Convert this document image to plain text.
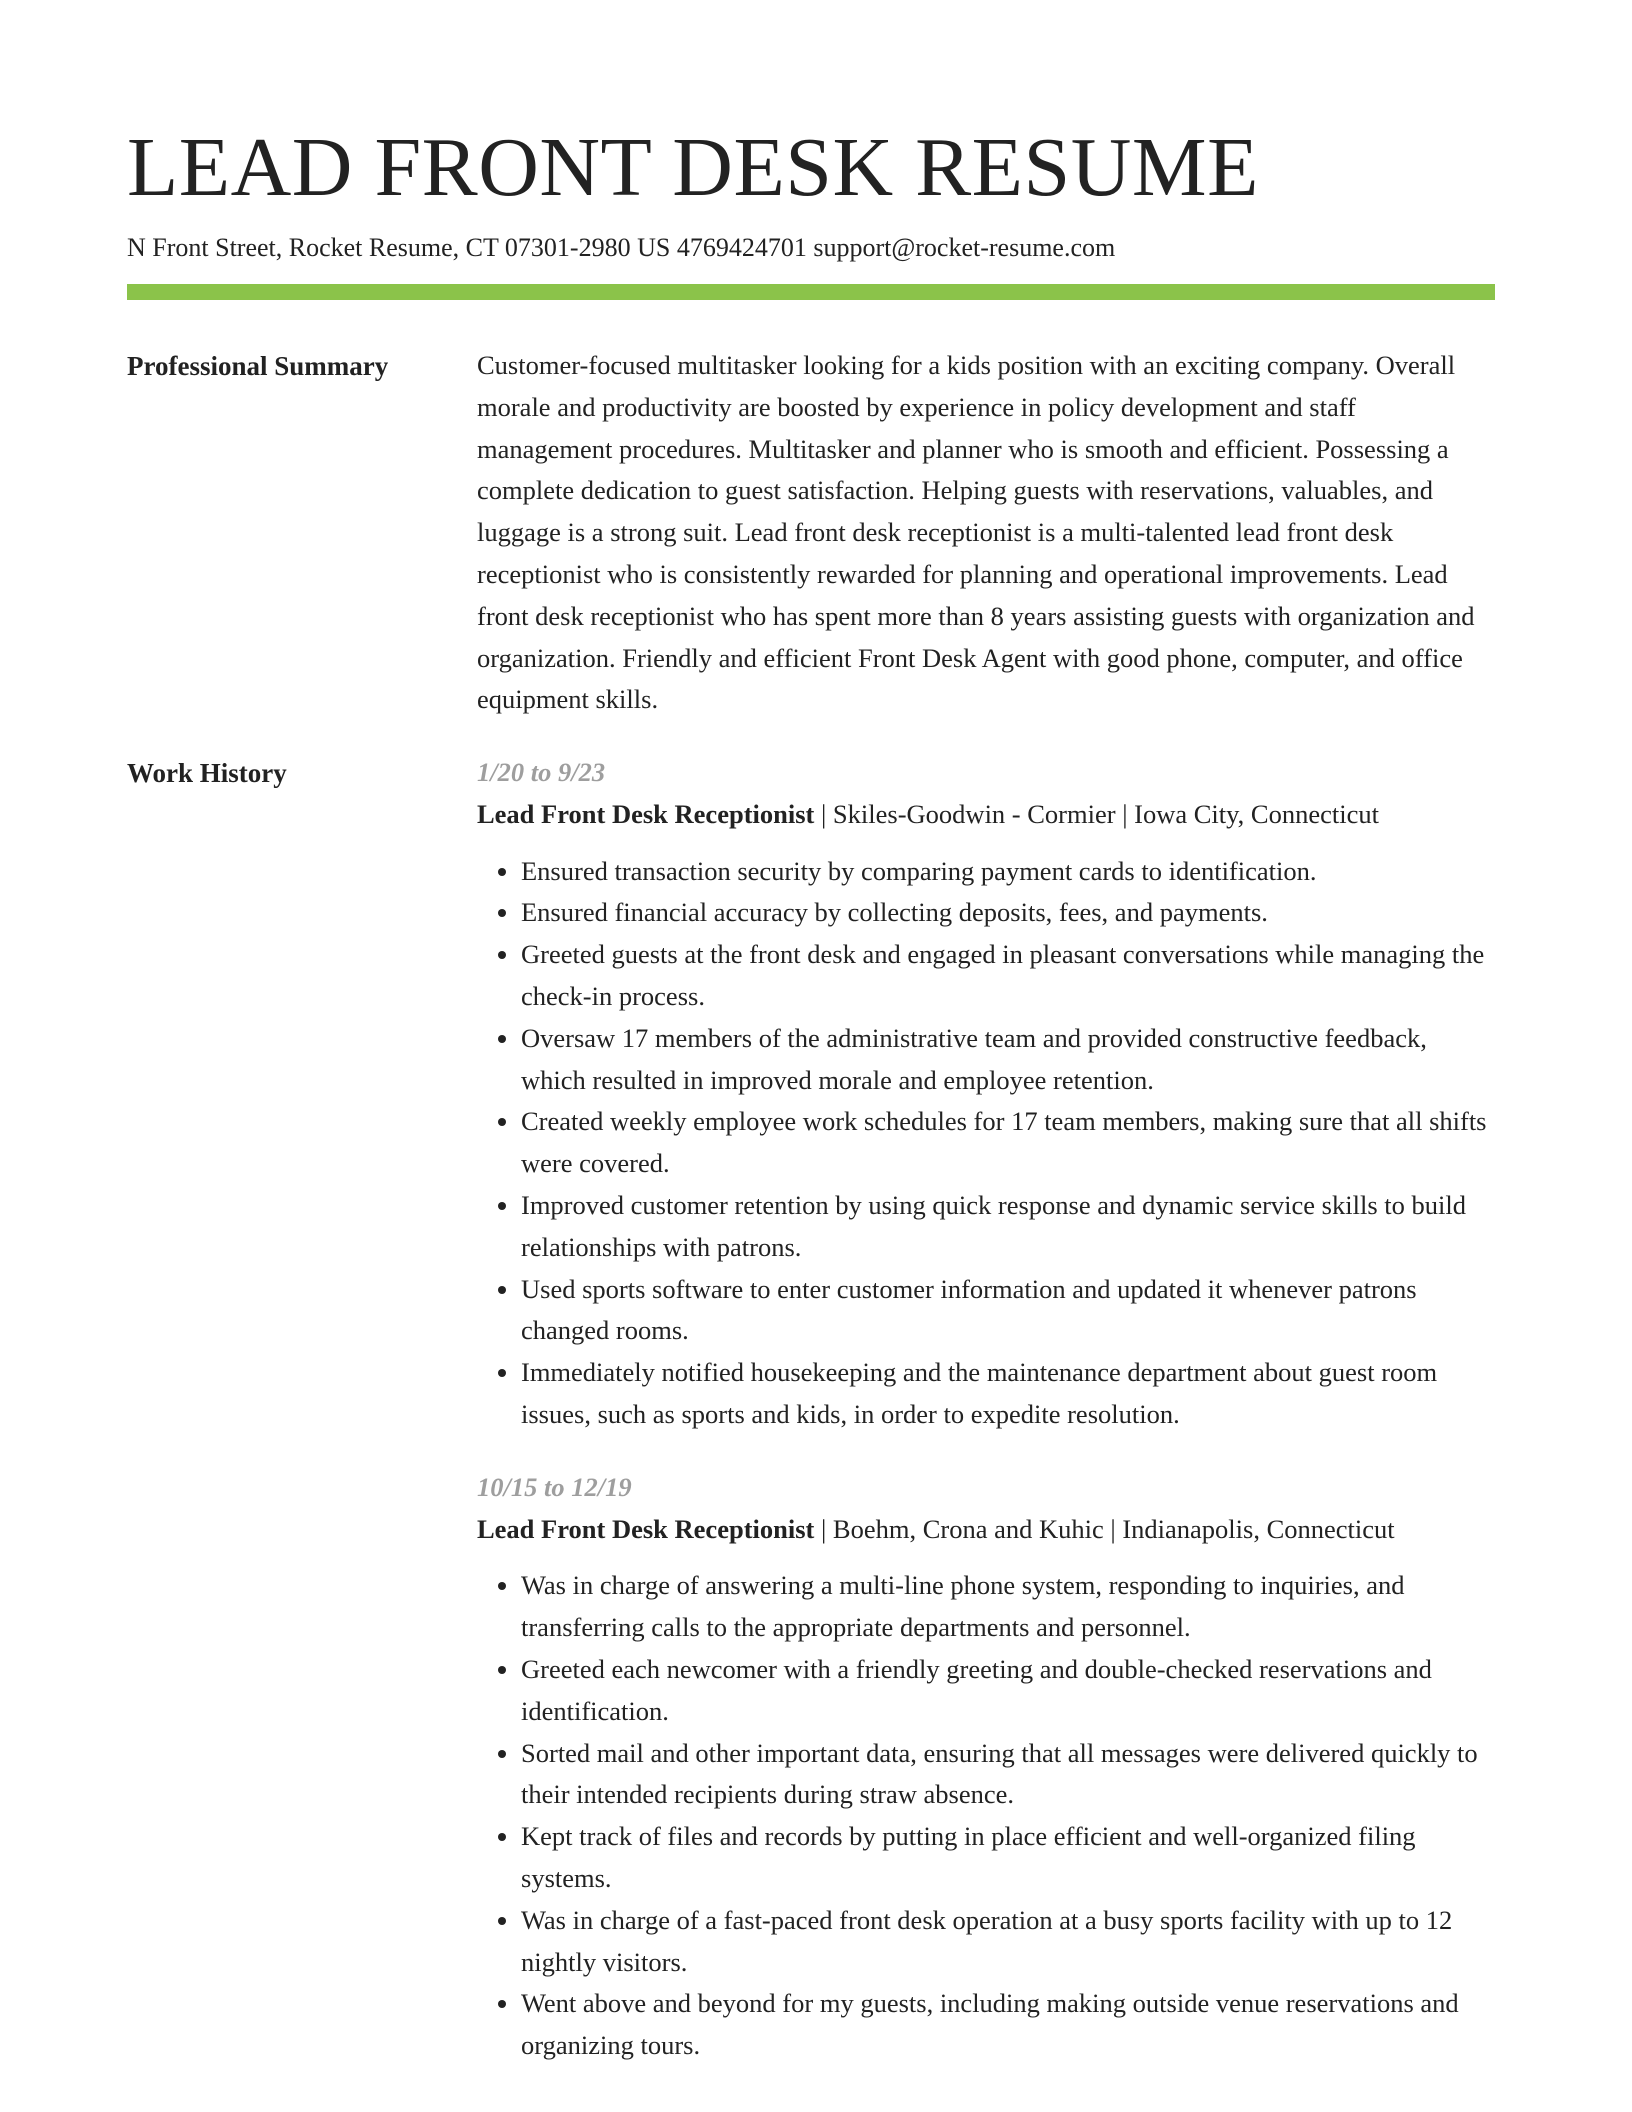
LEAD FRONT DESK RESUME
N Front Street, Rocket Resume, CT 07301-2980 US 4769424701 support@rocket-resume.com
Professional Summary	Customer-focused multitasker looking for a kids position with an exciting company. Overall morale and productivity are boosted by experience in policy development and staff management procedures. Multitasker and planner who is smooth and efficient. Possessing a complete dedication to guest satisfaction. Helping guests with reservations, valuables, and luggage is a strong suit. Lead front desk receptionist is a multi-talented lead front desk receptionist who is consistently rewarded for planning and operational improvements. Lead front desk receptionist who has spent more than 8 years assisting guests with organization and organization. Friendly and efficient Front Desk Agent with good phone, computer, and office equipment skills.

Work History	1/20 to 9/23
Lead Front Desk Receptionist | Skiles-Goodwin - Cormier | Iowa City, Connecticut
• Ensured transaction security by comparing payment cards to identification.
• Ensured financial accuracy by collecting deposits, fees, and payments.
• Greeted guests at the front desk and engaged in pleasant conversations while managing the check-in process.
• Oversaw 17 members of the administrative team and provided constructive feedback, which resulted in improved morale and employee retention.
• Created weekly employee work schedules for 17 team members, making sure that all shifts were covered.
• Improved customer retention by using quick response and dynamic service skills to build relationships with patrons.
• Used sports software to enter customer information and updated it whenever patrons changed rooms.
• Immediately notified housekeeping and the maintenance department about guest room issues, such as sports and kids, in order to expedite resolution.
10/15 to 12/19
Lead Front Desk Receptionist | Boehm, Crona and Kuhic | Indianapolis, Connecticut
• Was in charge of answering a multi-line phone system, responding to inquiries, and transferring calls to the appropriate departments and personnel.
• Greeted each newcomer with a friendly greeting and double-checked reservations and identification.
• Sorted mail and other important data, ensuring that all messages were delivered quickly to their intended recipients during straw absence.
• Kept track of files and records by putting in place efficient and well-organized filing systems.
• Was in charge of a fast-paced front desk operation at a busy sports facility with up to 12 nightly visitors.
• Went above and beyond for my guests, including making outside venue reservations and organizing tours.
